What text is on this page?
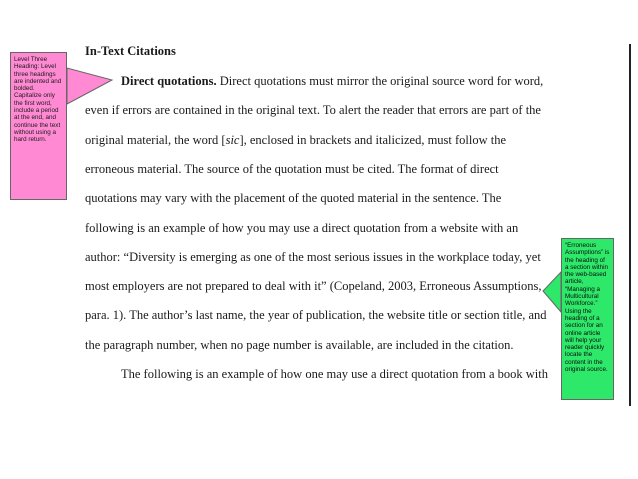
In-Text Citations
Direct quotations. Direct quotations must mirror the original source word for word,
even if errors are contained in the original text. To alert the reader that errors are part of the
original material, the word [sic], enclosed in brackets and italicized, must follow the
erroneous material. The source of the quotation must be cited. The format of direct
quotations may vary with the placement of the quoted material in the sentence. The
following is an example of how you may use a direct quotation from a website with an
author: “Diversity is emerging as one of the most serious issues in the workplace today, yet
most employers are not prepared to deal with it” (Copeland, 2003, Erroneous Assumptions,
para. 1). The author’s last name, the year of publication, the website title or section title, and
the paragraph number, when no page number is available, are included in the citation.
The following is an example of how one may use a direct quotation from a book with
Level Three Heading: Level three headings are indented and bolded. Capitalize only the first word, include a period at the end, and continue the text without using a hard return.
“Erroneous Assumptions” is the heading of a section within the web-based article, “Managing a Multicultural Workforce.” Using the heading of a section for an online article will help your reader quickly locate the content in the original source.
